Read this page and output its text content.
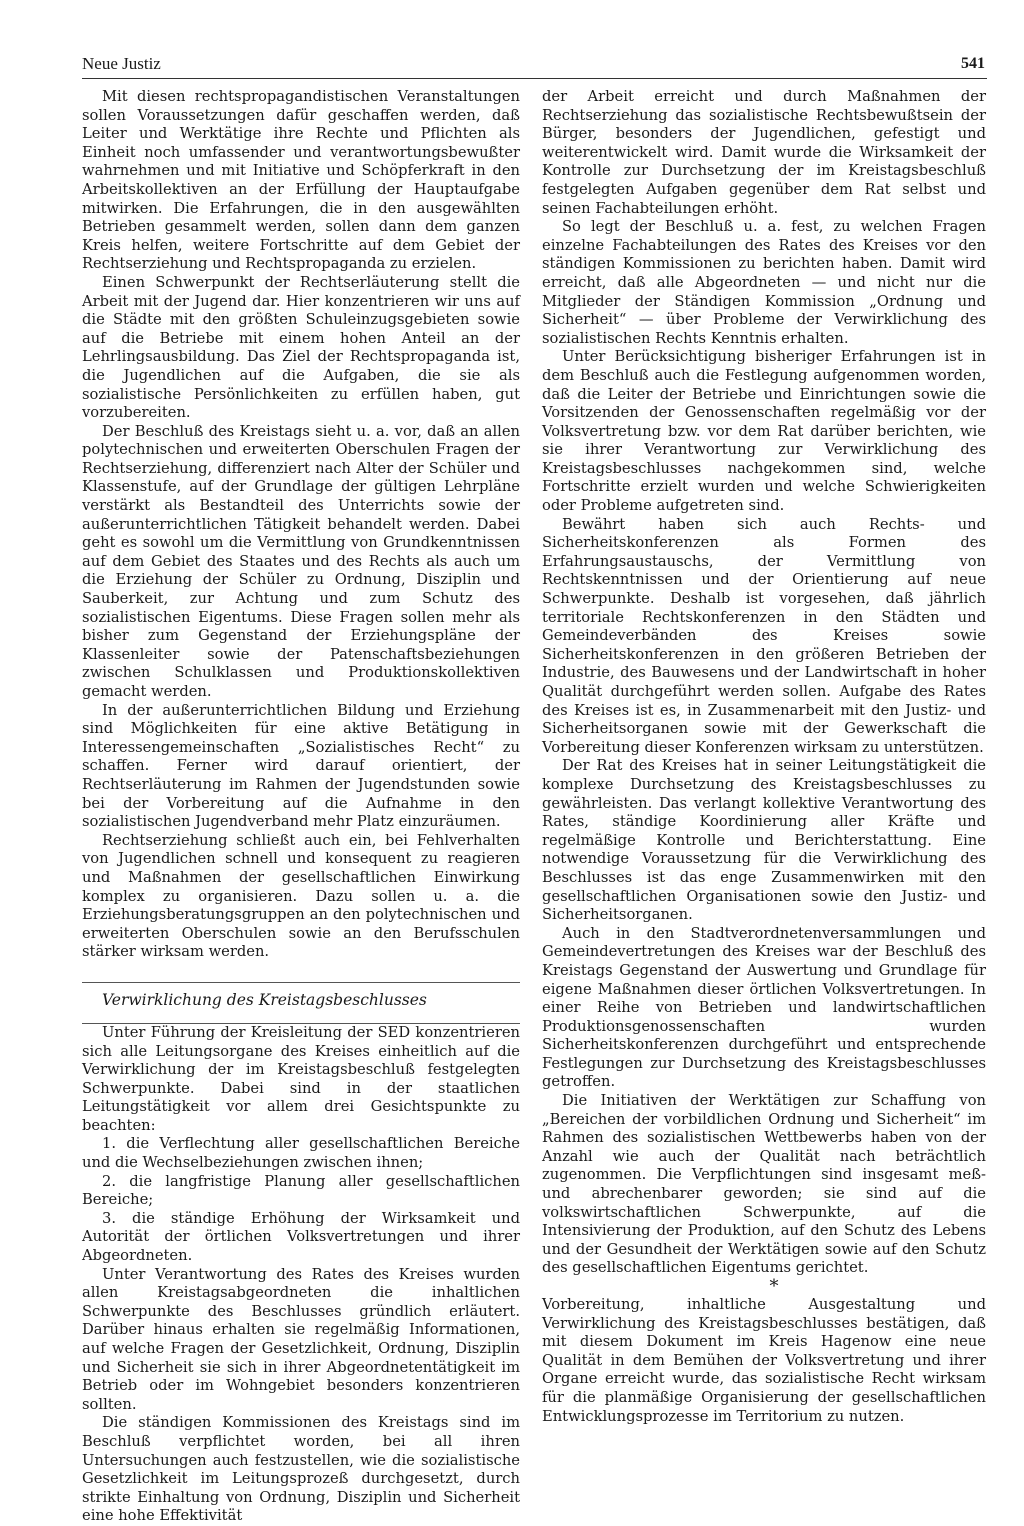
Neue Justiz	541

Mit diesen rechtspropagandistischen Veranstaltungen sollen Voraussetzungen dafür geschaffen werden, daß Leiter und Werktätige ihre Rechte und Pflichten als Einheit noch umfassender und verantwortungsbewußter wahrnehmen und mit Initiative und Schöpferkraft in den Arbeitskollektiven an der Erfüllung der Hauptaufgabe mitwirken. Die Erfahrungen, die in den ausgewählten Betrieben gesammelt werden, sollen dann dem ganzen Kreis helfen, weitere Fortschritte auf dem Gebiet der Rechtserziehung und Rechtspropaganda zu erzielen.

Einen Schwerpunkt der Rechtserläuterung stellt die Arbeit mit der Jugend dar. Hier konzentrieren wir uns auf die Städte mit den größten Schuleinzugsgebieten sowie auf die Betriebe mit einem hohen Anteil an der Lehrlingsausbildung. Das Ziel der Rechtspropaganda ist, die Jugendlichen auf die Aufgaben, die sie als sozialistische Persönlichkeiten zu erfüllen haben, gut vorzubereiten.

Der Beschluß des Kreistags sieht u. a. vor, daß an allen polytechnischen und erweiterten Oberschulen Fragen der Rechtserziehung, differenziert nach Alter der Schüler und Klassenstufe, auf der Grundlage der gültigen Lehrpläne verstärkt als Bestandteil des Unterrichts sowie der außerunterrichtlichen Tätigkeit behandelt werden. Dabei geht es sowohl um die Vermittlung von Grundkenntnissen auf dem Gebiet des Staates und des Rechts als auch um die Erziehung der Schüler zu Ordnung, Disziplin und Sauberkeit, zur Achtung und zum Schutz des sozialistischen Eigentums. Diese Fragen sollen mehr als bisher zum Gegenstand der Erziehungspläne der Klassenleiter sowie der Patenschaftsbeziehungen zwischen Schulklassen und Produktionskollektiven gemacht werden.

In der außerunterrichtlichen Bildung und Erziehung sind Möglichkeiten für eine aktive Betätigung in Interessengemeinschaften „Sozialistisches Recht“ zu schaffen. Ferner wird darauf orientiert, der Rechtserläuterung im Rahmen der Jugendstunden sowie bei der Vorbereitung auf die Aufnahme in den sozialistischen Jugendverband mehr Platz einzuräumen.

Rechtserziehung schließt auch ein, bei Fehlverhalten von Jugendlichen schnell und konsequent zu reagieren und Maßnahmen der gesellschaftlichen Einwirkung komplex zu organisieren. Dazu sollen u. a. die Erziehungsberatungsgruppen an den polytechnischen und erweiterten Oberschulen sowie an den Berufsschulen stärker wirksam werden.

Verwirklichung des Kreistagsbeschlusses

Unter Führung der Kreisleitung der SED konzentrieren sich alle Leitungsorgane des Kreises einheitlich auf die Verwirklichung der im Kreistagsbeschluß festgelegten Schwerpunkte. Dabei sind in der staatlichen Leitungstätigkeit vor allem drei Gesichtspunkte zu beachten:

1. die Verflechtung aller gesellschaftlichen Bereiche und die Wechselbeziehungen zwischen ihnen;

2. die langfristige Planung aller gesellschaftlichen Bereiche;

3. die ständige Erhöhung der Wirksamkeit und Autorität der örtlichen Volksvertretungen und ihrer Abgeordneten.

Unter Verantwortung des Rates des Kreises wurden allen Kreistagsabgeordneten die inhaltlichen Schwerpunkte des Beschlusses gründlich erläutert. Darüber hinaus erhalten sie regelmäßig Informationen, auf welche Fragen der Gesetzlichkeit, Ordnung, Disziplin und Sicherheit sie sich in ihrer Abgeordnetentätigkeit im Betrieb oder im Wohngebiet besonders konzentrieren sollten.

Die ständigen Kommissionen des Kreistags sind im Beschluß verpflichtet worden, bei all ihren Untersuchungen auch festzustellen, wie die sozialistische Gesetzlichkeit im Leitungsprozeß durchgesetzt, durch strikte Einhaltung von Ordnung, Disziplin und Sicherheit eine hohe Effektivität

der Arbeit erreicht und durch Maßnahmen der Rechtserziehung das sozialistische Rechtsbewußtsein der Bürger, besonders der Jugendlichen, gefestigt und weiterentwickelt wird. Damit wurde die Wirksamkeit der Kontrolle zur Durchsetzung der im Kreistagsbeschluß festgelegten Aufgaben gegenüber dem Rat selbst und seinen Fachabteilungen erhöht.

So legt der Beschluß u. a. fest, zu welchen Fragen einzelne Fachabteilungen des Rates des Kreises vor den ständigen Kommissionen zu berichten haben. Damit wird erreicht, daß alle Abgeordneten — und nicht nur die Mitglieder der Ständigen Kommission „Ordnung und Sicherheit“ — über Probleme der Verwirklichung des sozialistischen Rechts Kenntnis erhalten.

Unter Berücksichtigung bisheriger Erfahrungen ist in dem Beschluß auch die Festlegung aufgenommen worden, daß die Leiter der Betriebe und Einrichtungen sowie die Vorsitzenden der Genossenschaften regelmäßig vor der Volksvertretung bzw. vor dem Rat darüber berichten, wie sie ihrer Verantwortung zur Verwirklichung des Kreistagsbeschlusses nachgekommen sind, welche Fortschritte erzielt wurden und welche Schwierigkeiten oder Probleme aufgetreten sind.

Bewährt haben sich auch Rechts- und Sicherheitskonferenzen als Formen des Erfahrungsaustauschs, der Vermittlung von Rechtskenntnissen und der Orientierung auf neue Schwerpunkte. Deshalb ist vorgesehen, daß jährlich territoriale Rechtskonferenzen in den Städten und Gemeindeverbänden des Kreises sowie Sicherheitskonferenzen in den größeren Betrieben der Industrie, des Bauwesens und der Landwirtschaft in hoher Qualität durchgeführt werden sollen. Aufgabe des Rates des Kreises ist es, in Zusammenarbeit mit den Justiz- und Sicherheitsorganen sowie mit der Gewerkschaft die Vorbereitung dieser Konferenzen wirksam zu unterstützen.

Der Rat des Kreises hat in seiner Leitungstätigkeit die komplexe Durchsetzung des Kreistagsbeschlusses zu gewährleisten. Das verlangt kollektive Verantwortung des Rates, ständige Koordinierung aller Kräfte und regelmäßige Kontrolle und Berichterstattung. Eine notwendige Voraussetzung für die Verwirklichung des Beschlusses ist das enge Zusammenwirken mit den gesellschaftlichen Organisationen sowie den Justiz- und Sicherheitsorganen.

Auch in den Stadtverordnetenversammlungen und Gemeindevertretungen des Kreises war der Beschluß des Kreistags Gegenstand der Auswertung und Grundlage für eigene Maßnahmen dieser örtlichen Volksvertretungen. In einer Reihe von Betrieben und landwirtschaftlichen Produktionsgenossenschaften wurden Sicherheitskonferenzen durchgeführt und entsprechende Festlegungen zur Durchsetzung des Kreistagsbeschlusses getroffen.

Die Initiativen der Werktätigen zur Schaffung von „Bereichen der vorbildlichen Ordnung und Sicherheit“ im Rahmen des sozialistischen Wettbewerbs haben von der Anzahl wie auch der Qualität nach beträchtlich zugenommen. Die Verpflichtungen sind insgesamt meß- und abrechenbarer geworden; sie sind auf die volkswirtschaftlichen Schwerpunkte, auf die Intensivierung der Produktion, auf den Schutz des Lebens und der Gesundheit der Werktätigen sowie auf den Schutz des gesellschaftlichen Eigentums gerichtet.

*

Vorbereitung, inhaltliche Ausgestaltung und Verwirklichung des Kreistagsbeschlusses bestätigen, daß mit diesem Dokument im Kreis Hagenow eine neue Qualität in dem Bemühen der Volksvertretung und ihrer Organe erreicht wurde, das sozialistische Recht wirksam für die planmäßige Organisierung der gesellschaftlichen Entwicklungsprozesse im Territorium zu nutzen.
